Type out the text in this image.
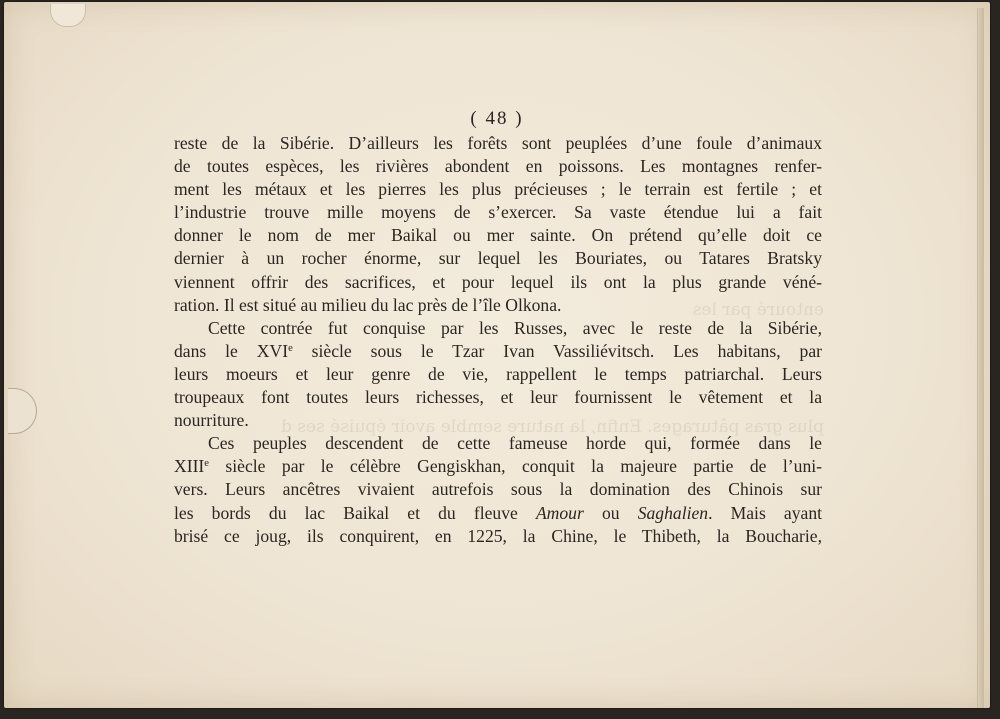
entouré par les
plus gras pâturages. Enfin, la nature semble avoir épuisé ses d
( 48 )
reste de la Sibérie. D’ailleurs les forêts sont peuplées d’une foule d’animaux
de toutes espèces, les rivières abondent en poissons. Les montagnes renfer-
ment les métaux et les pierres les plus précieuses ; le terrain est fertile ; et
l’industrie trouve mille moyens de s’exercer. Sa vaste étendue lui a fait
donner le nom de mer Baikal ou mer sainte. On prétend qu’elle doit ce
dernier à un rocher énorme, sur lequel les Bouriates, ou Tatares Bratsky
viennent offrir des sacrifices, et pour lequel ils ont la plus grande véné-
ration. Il est situé au milieu du lac près de l’île Olkona.
Cette contrée fut conquise par les Russes, avec le reste de la Sibérie,
dans le XVIe siècle sous le Tzar Ivan Vassiliévitsch. Les habitans, par
leurs moeurs et leur genre de vie, rappellent le temps patriarchal. Leurs
troupeaux font toutes leurs richesses, et leur fournissent le vêtement et la
nourriture.
Ces peuples descendent de cette fameuse horde qui, formée dans le
XIIIe siècle par le célèbre Gengiskhan, conquit la majeure partie de l’uni-
vers. Leurs ancêtres vivaient autrefois sous la domination des Chinois sur
les bords du lac Baikal et du fleuve Amour ou Saghalien. Mais ayant
brisé ce joug, ils conquirent, en 1225, la Chine, le Thibeth, la Boucharie,
